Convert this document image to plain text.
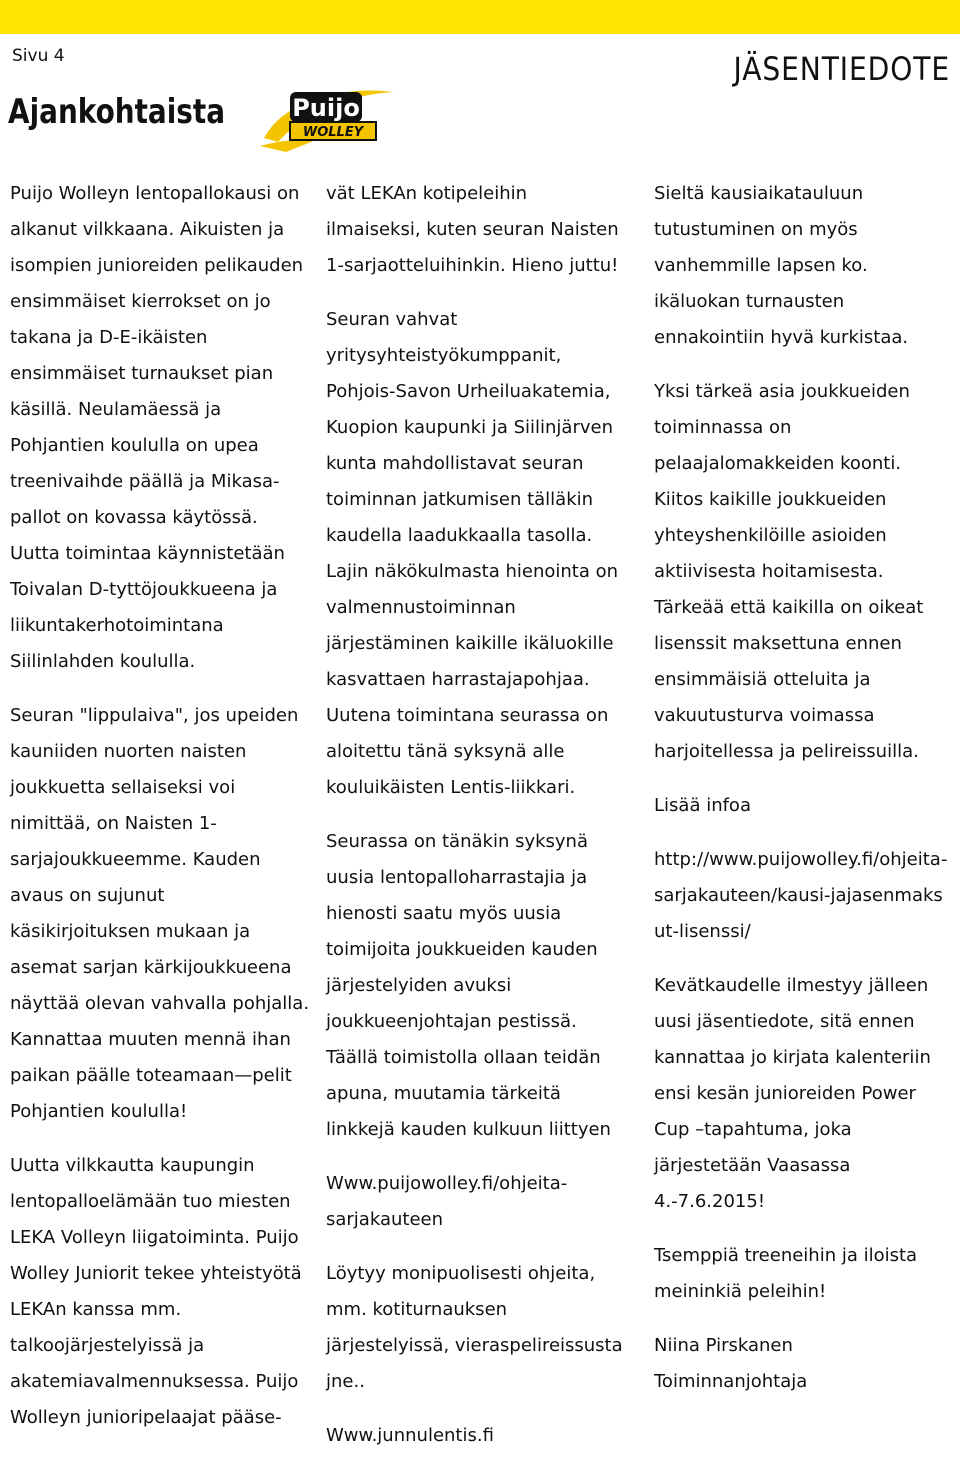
Sivu 4	JÄSENTIEDOTE
Ajankohtaista	Puijo
WOLLEY

Puijo Wolleyn lentopallokausi on alkanut vilkkaana. Aikuisten ja isompien junioreiden pelikauden ensimmäiset kierrokset on jo takana ja D-E-ikäisten ensimmäiset turnaukset pian käsillä. Neulamäessä ja Pohjantien koululla on upea treenivaihde päällä ja Mikasa-pallot on kovassa käytössä. Uutta toimintaa käynnistetään Toivalan D-tyttöjoukkueena ja liikuntakerhotoimintana Siilinlahden koululla.

Seuran "lippulaiva", jos upeiden kauniiden nuorten naisten joukkuetta sellaiseksi voi nimittää, on Naisten 1-sarjajoukkueemme. Kauden avaus on sujunut käsikirjoituksen mukaan ja asemat sarjan kärkijoukkueena näyttää olevan vahvalla pohjalla. Kannattaa muuten mennä ihan paikan päälle toteamaan—pelit Pohjantien koululla!

Uutta vilkkautta kaupungin lentopalloelämään tuo miesten LEKA Volleyn liigatoiminta. Puijo Wolley Juniorit tekee yhteistyötä LEKAn kanssa mm. talkoojärjestelyissä ja akatemiavalmennuksessa. Puijo Wolleyn junioripelaajat pääse-

vät LEKAn kotipeleihin ilmaiseksi, kuten seuran Naisten 1-sarjaotteluihinkin. Hieno juttu!

Seuran vahvat yritysyhteistyökumppanit, Pohjois-Savon Urheiluakatemia, Kuopion kaupunki ja Siilinjärven kunta mahdollistavat seuran toiminnan jatkumisen tälläkin kaudella laadukkaalla tasolla. Lajin näkökulmasta hienointa on valmennustoiminnan järjestäminen kaikille ikäluokille kasvattaen harrastajapohjaa. Uutena toimintana seurassa on aloitettu tänä syksynä alle kouluikäisten Lentis-liikkari.

Seurassa on tänäkin syksynä uusia lentopalloharrastajia ja hienosti saatu myös uusia toimijoita joukkueiden kauden järjestelyiden avuksi joukkueenjohtajan pestissä. Täällä toimistolla ollaan teidän apuna, muutamia tärkeitä linkkejä kauden kulkuun liittyen

Www.puijowolley.fi/ohjeita- sarjakauteen

Löytyy monipuolisesti ohjeita, mm. kotiturnauksen järjestelyissä, vieraspelireissusta jne..

Www.junnulentis.fi

Sieltä kausiaikatauluun tutustuminen on myös vanhemmille lapsen ko. ikäluokan turnausten ennakointiin hyvä kurkistaa.

Yksi tärkeä asia joukkueiden toiminnassa on pelaajalomakkeiden koonti. Kiitos kaikille joukkueiden yhteyshenkilöille asioiden aktiivisesta hoitamisesta. Tärkeää että kaikilla on oikeat lisenssit maksettuna ennen ensimmäisiä otteluita ja vakuutusturva voimassa harjoitellessa ja pelireissuilla.

Lisää infoa

http://www.puijowolley.fi/ohjeita-sarjakauteen/kausi-jajasenmaksut-lisenssi/

Kevätkaudelle ilmestyy jälleen uusi jäsentiedote, sitä ennen kannattaa jo kirjata kalenteriin ensi kesän junioreiden Power Cup –tapahtuma, joka järjestetään Vaasassa 4.-7.6.2015!

Tsemppiä treeneihin ja iloista meininkiä peleihin!

Niina Pirskanen

Toiminnanjohtaja
